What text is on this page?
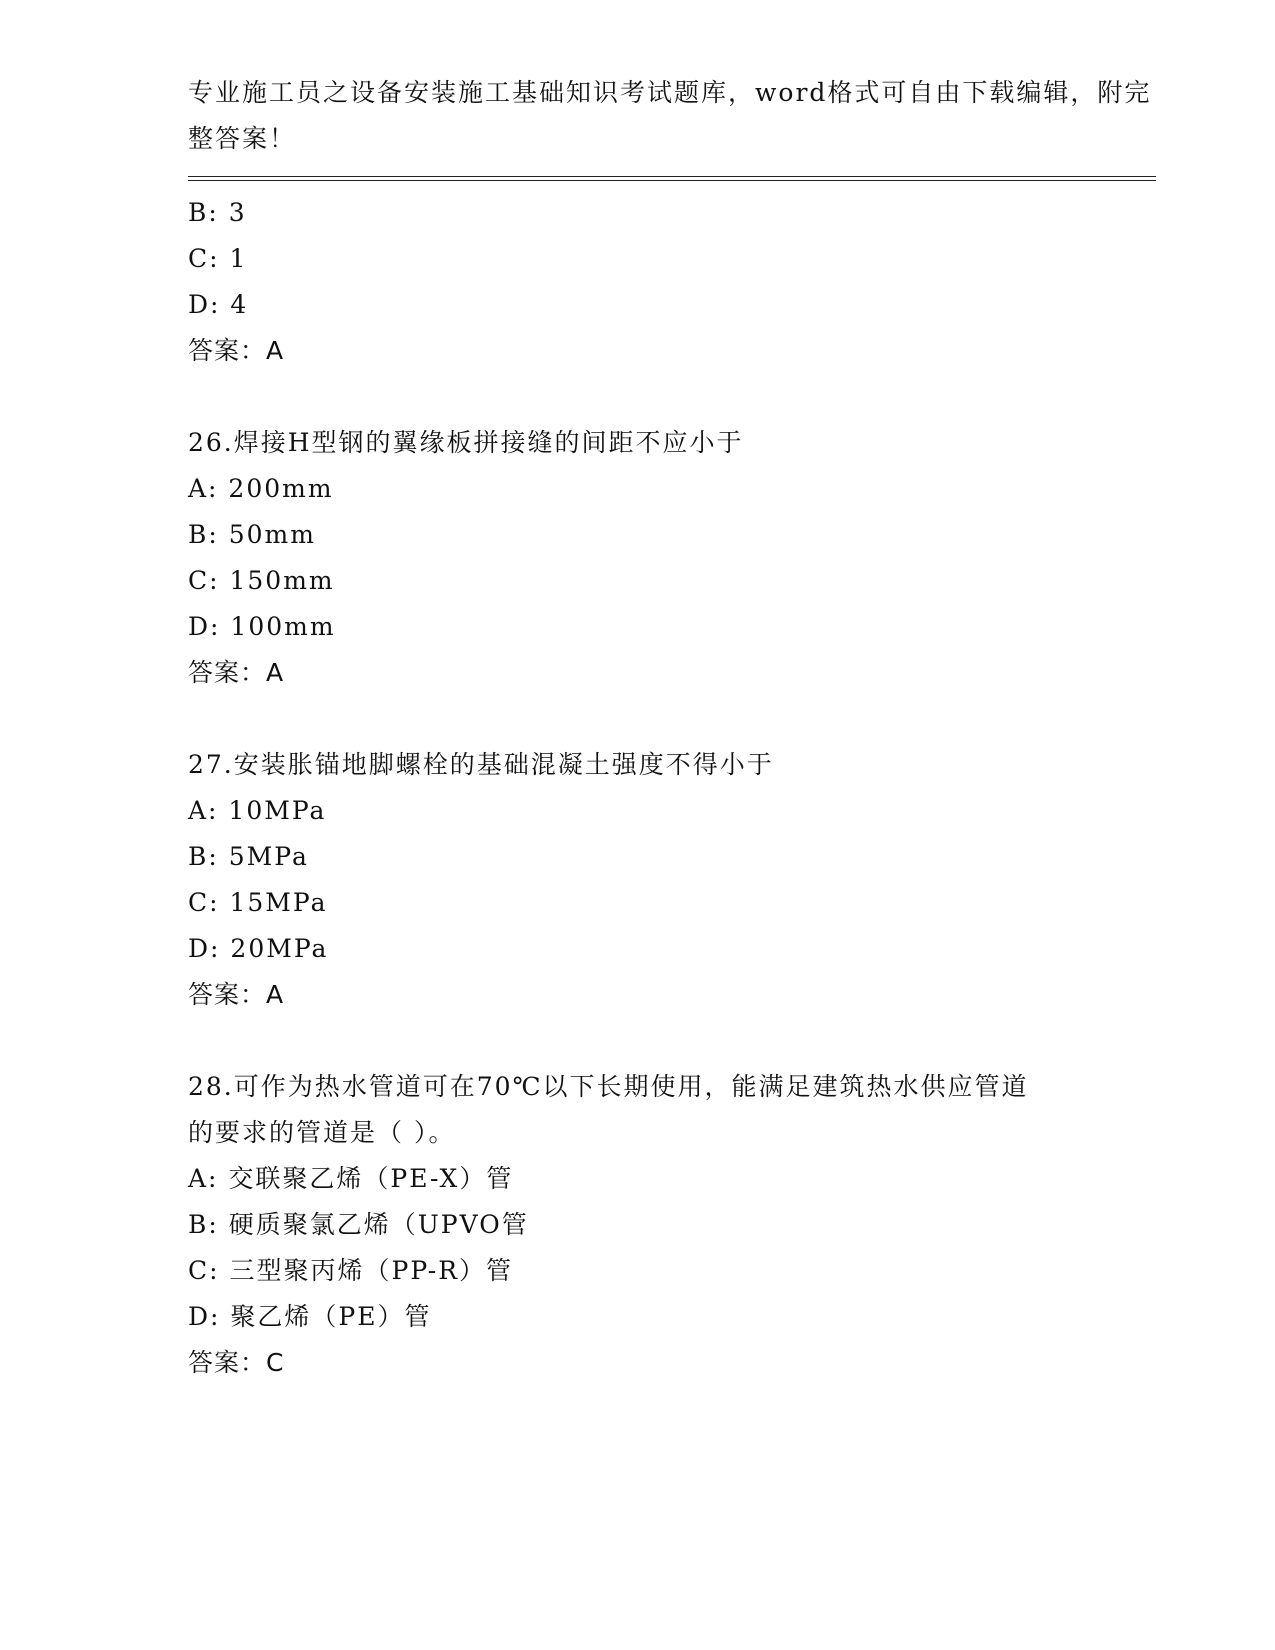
专业施工员之设备安装施工基础知识考试题库，word格式可自由下载编辑，附完
整答案！
B: 3
C: 1
D: 4
答案：A
26.焊接H型钢的翼缘板拼接缝的间距不应小于
A: 200mm
B: 50mm
C: 150mm
D: 100mm
答案：A
27.安装胀锚地脚螺栓的基础混凝土强度不得小于
A: 10MPa
B: 5MPa
C: 15MPa
D: 20MPa
答案：A
28.可作为热水管道可在70℃以下长期使用，能满足建筑热水供应管道
的要求的管道是（ ）。
A: 交联聚乙烯（PE-X）管
B: 硬质聚氯乙烯（UPVO管
C: 三型聚丙烯（PP-R）管
D: 聚乙烯（PE）管
答案：C
